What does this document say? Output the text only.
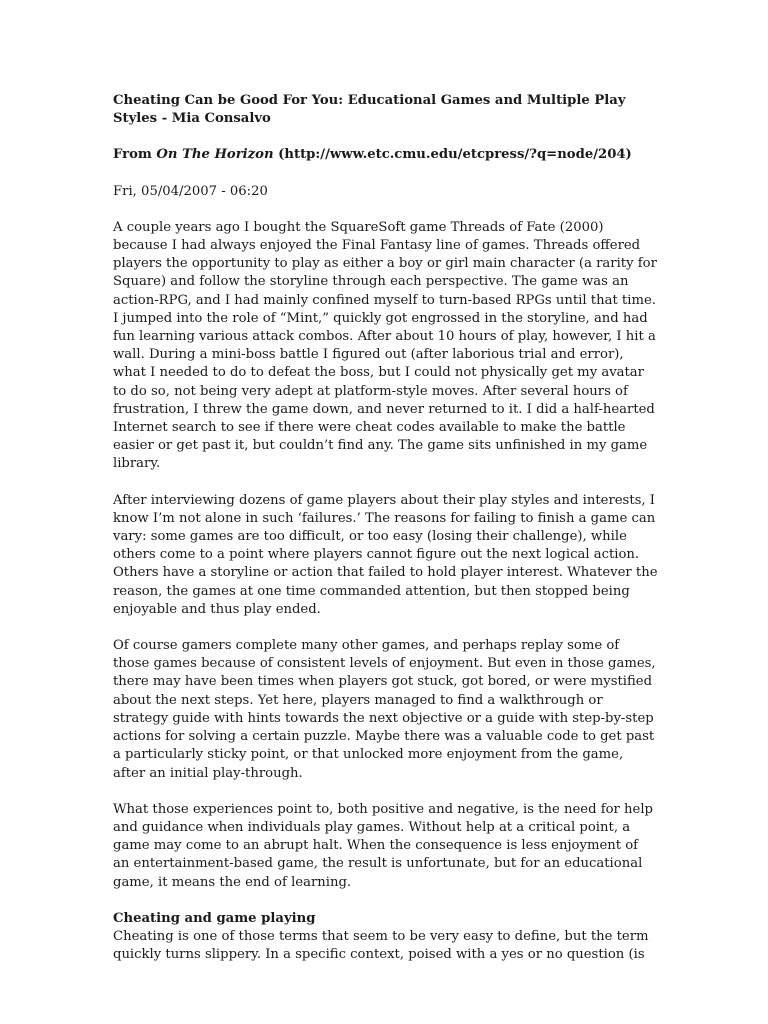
Cheating Can be Good For You: Educational Games and Multiple Play Styles - Mia Consalvo
From On The Horizon (http://www.etc.cmu.edu/etcpress/?q=node/204)
Fri, 05/04/2007 - 06:20

A couple years ago I bought the SquareSoft game Threads of Fate (2000) because I had always enjoyed the Final Fantasy line of games. Threads offered players the opportunity to play as either a boy or girl main character (a rarity for Square) and follow the storyline through each perspective. The game was an action-RPG, and I had mainly confined myself to turn-based RPGs until that time. I jumped into the role of “Mint,” quickly got engrossed in the storyline, and had fun learning various attack combos. After about 10 hours of play, however, I hit a wall. During a mini-boss battle I figured out (after laborious trial and error), what I needed to do to defeat the boss, but I could not physically get my avatar to do so, not being very adept at platform-style moves. After several hours of frustration, I threw the game down, and never returned to it. I did a half-hearted Internet search to see if there were cheat codes available to make the battle easier or get past it, but couldn’t find any. The game sits unfinished in my game library.

After interviewing dozens of game players about their play styles and interests, I know I’m not alone in such ‘failures.’ The reasons for failing to finish a game can vary: some games are too difficult, or too easy (losing their challenge), while others come to a point where players cannot figure out the next logical action. Others have a storyline or action that failed to hold player interest. Whatever the reason, the games at one time commanded attention, but then stopped being enjoyable and thus play ended.

Of course gamers complete many other games, and perhaps replay some of those games because of consistent levels of enjoyment. But even in those games, there may have been times when players got stuck, got bored, or were mystified about the next steps. Yet here, players managed to find a walkthrough or strategy guide with hints towards the next objective or a guide with step-by-step actions for solving a certain puzzle. Maybe there was a valuable code to get past a particularly sticky point, or that unlocked more enjoyment from the game, after an initial play-through.

What those experiences point to, both positive and negative, is the need for help and guidance when individuals play games. Without help at a critical point, a game may come to an abrupt halt. When the consequence is less enjoyment of an entertainment-based game, the result is unfortunate, but for an educational game, it means the end of learning.

Cheating and game playing

Cheating is one of those terms that seem to be very easy to define, but the term quickly turns slippery. In a specific context, poised with a yes or no question (is
